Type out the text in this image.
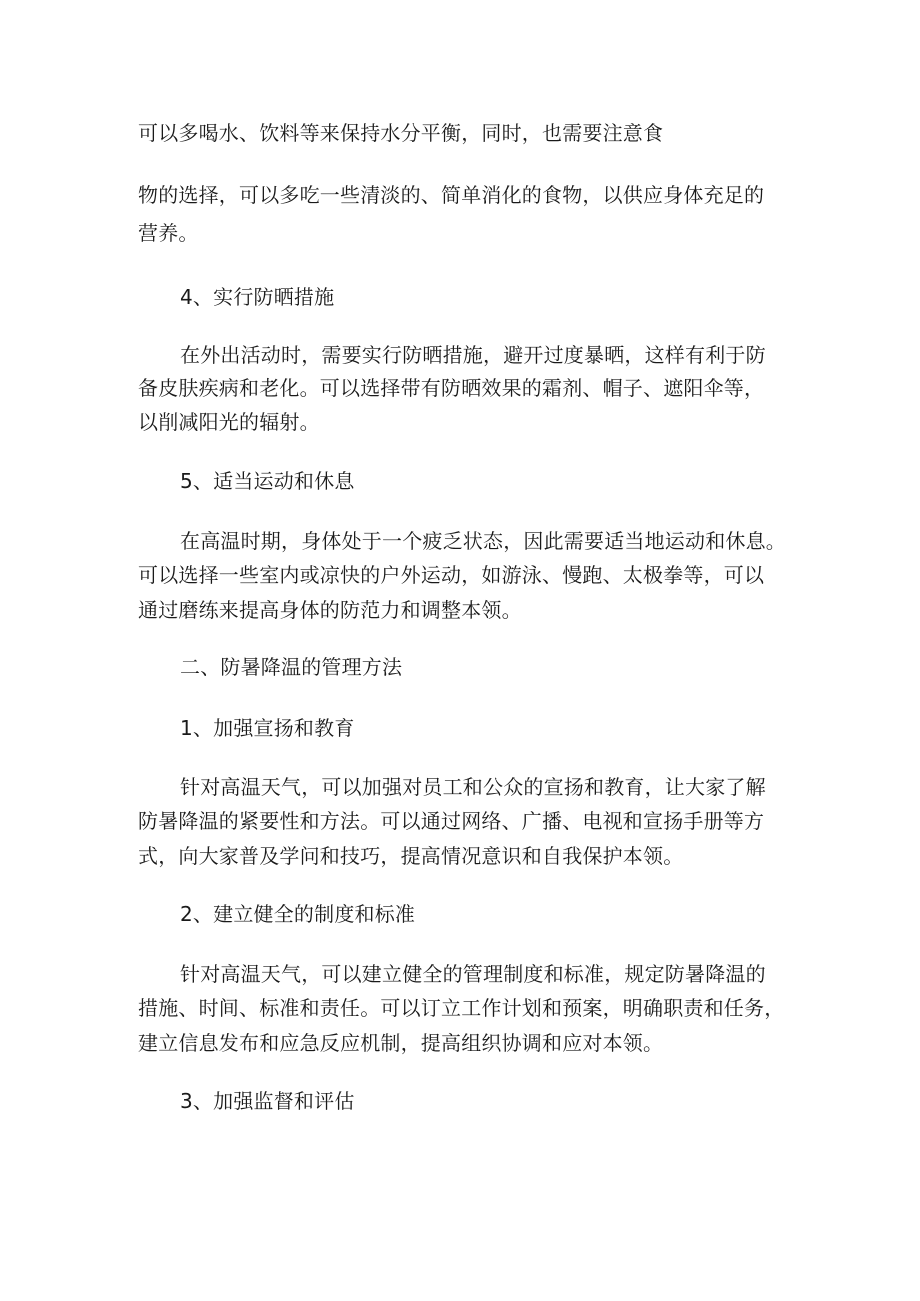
可以多喝水、饮料等来保持水分平衡，同时，也需要注意食
物的选择，可以多吃一些清淡的、简单消化的食物，以供应身体充足的
营养。
4、实行防晒措施
在外出活动时，需要实行防晒措施，避开过度暴晒，这样有利于防
备皮肤疾病和老化。可以选择带有防晒效果的霜剂、帽子、遮阳伞等，
以削减阳光的辐射。
5、适当运动和休息
在高温时期，身体处于一个疲乏状态，因此需要适当地运动和休息。
可以选择一些室内或凉快的户外运动，如游泳、慢跑、太极拳等，可以
通过磨练来提高身体的防范力和调整本领。
二、防暑降温的管理方法
1、加强宣扬和教育
针对高温天气，可以加强对员工和公众的宣扬和教育，让大家了解
防暑降温的紧要性和方法。可以通过网络、广播、电视和宣扬手册等方
式，向大家普及学问和技巧，提高情况意识和自我保护本领。
2、建立健全的制度和标准
针对高温天气，可以建立健全的管理制度和标准，规定防暑降温的
措施、时间、标准和责任。可以订立工作计划和预案，明确职责和任务，
建立信息发布和应急反应机制，提高组织协调和应对本领。
3、加强监督和评估
